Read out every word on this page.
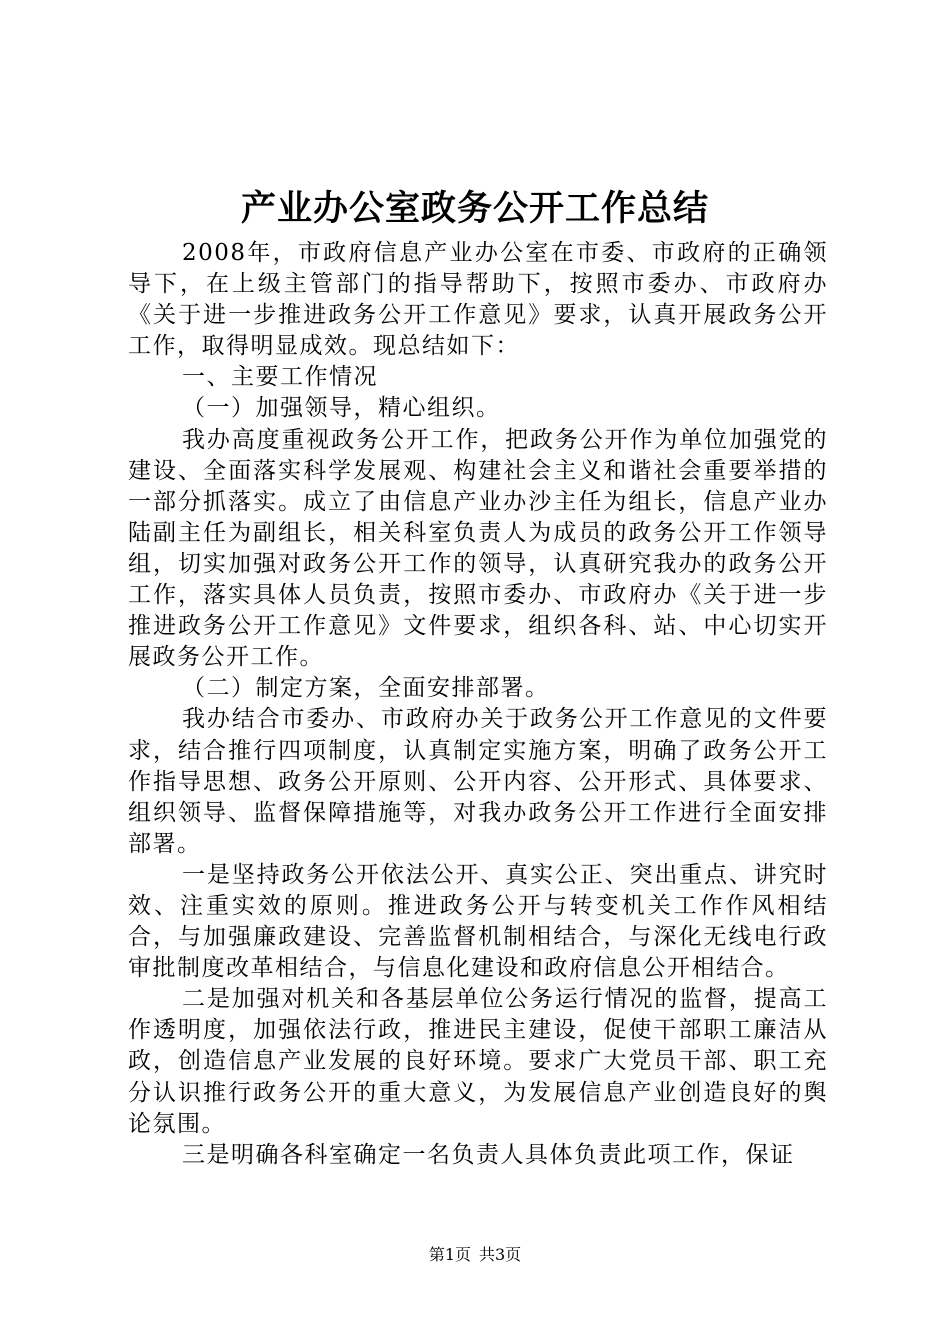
产业办公室政务公开工作总结

2008年，市政府信息产业办公室在市委、市政府的正确领导下，在上级主管部门的指导帮助下，按照市委办、市政府办《关于进一步推进政务公开工作意见》要求，认真开展政务公开工作，取得明显成效。现总结如下：

一、主要工作情况

（一）加强领导，精心组织。

我办高度重视政务公开工作，把政务公开作为单位加强党的建设、全面落实科学发展观、构建社会主义和谐社会重要举措的一部分抓落实。成立了由信息产业办沙主任为组长，信息产业办陆副主任为副组长，相关科室负责人为成员的政务公开工作领导组，切实加强对政务公开工作的领导，认真研究我办的政务公开工作，落实具体人员负责，按照市委办、市政府办《关于进一步推进政务公开工作意见》文件要求，组织各科、站、中心切实开展政务公开工作。

（二）制定方案，全面安排部署。

我办结合市委办、市政府办关于政务公开工作意见的文件要求，结合推行四项制度，认真制定实施方案，明确了政务公开工作指导思想、政务公开原则、公开内容、公开形式、具体要求、组织领导、监督保障措施等，对我办政务公开工作进行全面安排部署。

一是坚持政务公开依法公开、真实公正、突出重点、讲究时效、注重实效的原则。推进政务公开与转变机关工作作风相结合，与加强廉政建设、完善监督机制相结合，与深化无线电行政审批制度改革相结合，与信息化建设和政府信息公开相结合。

二是加强对机关和各基层单位公务运行情况的监督，提高工作透明度，加强依法行政，推进民主建设，促使干部职工廉洁从政，创造信息产业发展的良好环境。要求广大党员干部、职工充分认识推行政务公开的重大意义，为发展信息产业创造良好的舆论氛围。

三是明确各科室确定一名负责人具体负责此项工作，保证

第1页 共3页
